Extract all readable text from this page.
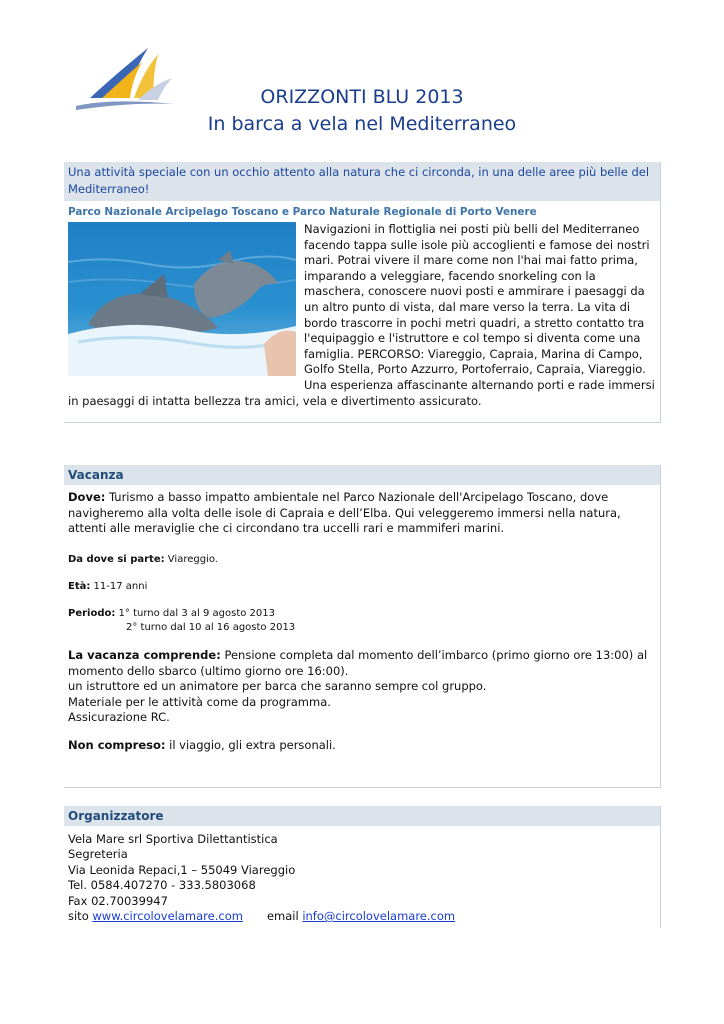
ORIZZONTI BLU 2013
In barca a vela nel Mediterraneo
Una attività speciale con un occhio attento alla natura che ci circonda, in una delle aree più belle del Mediterraneo!
Parco Nazionale Arcipelago Toscano e Parco Naturale Regionale di Porto Venere
Navigazioni in flottiglia nei posti più belli del Mediterraneo facendo tappa sulle isole più accoglienti e famose dei nostri mari. Potrai vivere il mare come non l'hai mai fatto prima, imparando a veleggiare, facendo snorkeling con la maschera, conoscere nuovi posti e ammirare i paesaggi da un altro punto di vista, dal mare verso la terra. La vita di bordo trascorre in pochi metri quadri, a stretto contatto tra l'equipaggio e l'istruttore e col tempo si diventa come una famiglia. PERCORSO: Viareggio, Capraia, Marina di Campo, Golfo Stella, Porto Azzurro, Portoferraio, Capraia, Viareggio. Una esperienza affascinante alternando porti e rade immersi in paesaggi di intatta bellezza tra amici, vela e divertimento assicurato.
Vacanza
Dove: Turismo a basso impatto ambientale nel Parco Nazionale dell'Arcipelago Toscano, dove navigheremo alla volta delle isole di Capraia e dell’Elba. Qui veleggeremo immersi nella natura, attenti alle meraviglie che ci circondano tra uccelli rari e mammiferi marini.
Da dove si parte: Viareggio.
Età: 11-17 anni
Periodo: 1° turno dal 3 al 9 agosto 2013
2° turno dal 10 al 16 agosto 2013
La vacanza comprende: Pensione completa dal momento dell’imbarco (primo giorno ore 13:00) al momento dello sbarco (ultimo giorno ore 16:00).
un istruttore ed un animatore per barca che saranno sempre col gruppo.
Materiale per le attività come da programma.
Assicurazione RC.
Non compreso: il viaggio, gli extra personali.
Organizzatore
Vela Mare srl Sportiva Dilettantistica
Segreteria
Via Leonida Repaci,1 – 55049 Viareggio
Tel. 0584.407270 - 333.5803068
Fax 02.70039947
sito www.circolovelamare.com email info@circolovelamare.com
